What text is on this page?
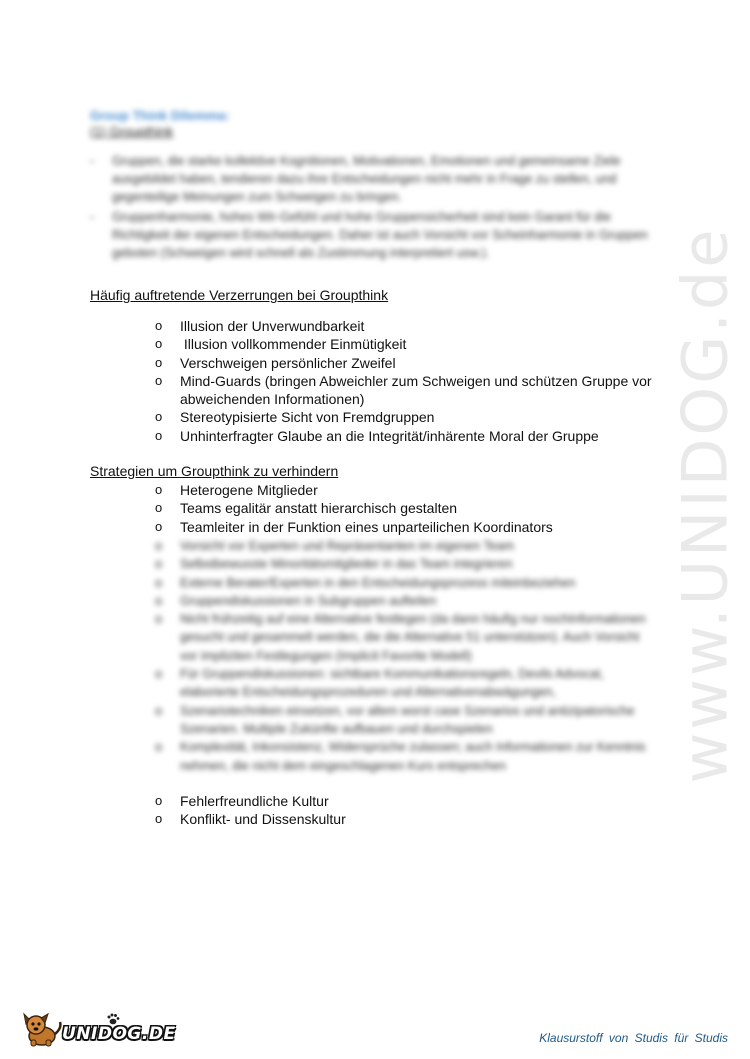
www.UNIDOG.de
Group Think Dilemma:
(1) Groupthink
- Gruppen, die starke kollektive Kognitionen, Motivationen, Emotionen und gemeinsame Ziele ausgebildet haben, tendieren dazu ihre Entscheidungen nicht mehr in Frage zu stellen, und gegenteilige Meinungen zum Schweigen zu bringen.
- Gruppenharmonie, hohes Wir-Gefühl und hohe Gruppensicherheit sind kein Garant für die Richtigkeit der eigenen Entscheidungen. Daher ist auch Vorsicht vor Scheinharmonie in Gruppen geboten (Schweigen wird schnell als Zustimmung interpretiert usw.).
Häufig auftretende Verzerrungen bei Groupthink
o Illusion der Unverwundbarkeit
o  Illusion vollkommender Einmütigkeit
o Verschweigen persönlicher Zweifel
o Mind-Guards (bringen Abweichler zum Schweigen und schützen Gruppe vor abweichenden Informationen)
o Stereotypisierte Sicht von Fremdgruppen
o Unhinterfragter Glaube an die Integrität/inhärente Moral der Gruppe
Strategien um Groupthink zu verhindern
o Heterogene Mitglieder
o Teams egalitär anstatt hierarchisch gestalten
o Teamleiter in der Funktion eines unparteilichen Koordinators
o Vorsicht vor Experten und Repräsentanten im eigenen Team
o Selbstbewusste Minoritätsmitglieder in das Team integrieren
o Externe Berater/Experten in den Entscheidungsprozess miteinbeziehen
o Gruppendiskussionen in Subgruppen aufteilen
o Nicht frühzeitig auf eine Alternative festlegen (da dann häufig nur nochInformationen gesucht und gesammelt werden, die die Alternative 51 unterstützen). Auch Vorsicht vor impliziten Festlegungen (Implicit Favorite Modell)
o Für Gruppendiskussionen: sichtbare Kommunikationsregeln, Devils Advocat, elaborierte Entscheidungsprozeduren und Alternativenabwägungen,
o Szenariotechniken einsetzen, vor allem worst case Szenarios und antizipatorische Szenarien. Multiple Zukünfte aufbauen und durchspielen
o Komplexität, Inkonsistenz, Widersprüche zulassen; auch Informationen zur Kenntnis nehmen, die nicht dem eingeschlagenen Kurs entsprechen
o Fehlerfreundliche Kultur
o Konflikt- und Dissenskultur
UNIDOG.DE	Klausurstoff von Studis für Studis
